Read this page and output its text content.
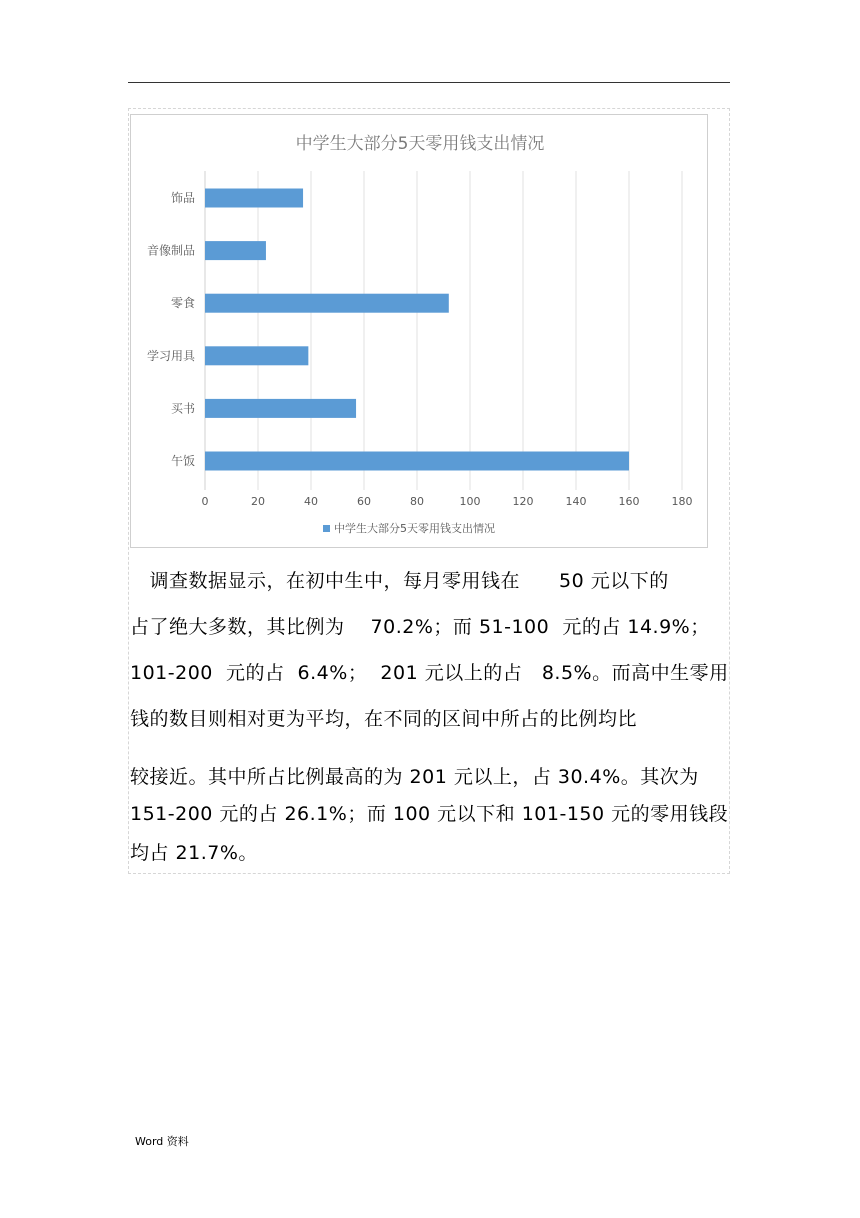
中学生大部分5天零用钱支出情况
饰品
音像制品
零食
学习用具
买书
午饭
0	20	40	60	80	100	120	140	160	180
中学生大部分5天零用钱支出情况
　调查数据显示，在初中生中，每月零用钱在　　50 元以下的
占了绝大多数，其比例为　 70.2%；而 51-100  元的占 14.9%；
101-200  元的占  6.4%；  201 元以上的占   8.5%。而高中生零用
钱的数目则相对更为平均，在不同的区间中所占的比例均比
较接近。其中所占比例最高的为 201 元以上，占 30.4%。其次为
151-200 元的占 26.1%；而 100 元以下和 101-150 元的零用钱段
均占 21.7%。
Word 资料
